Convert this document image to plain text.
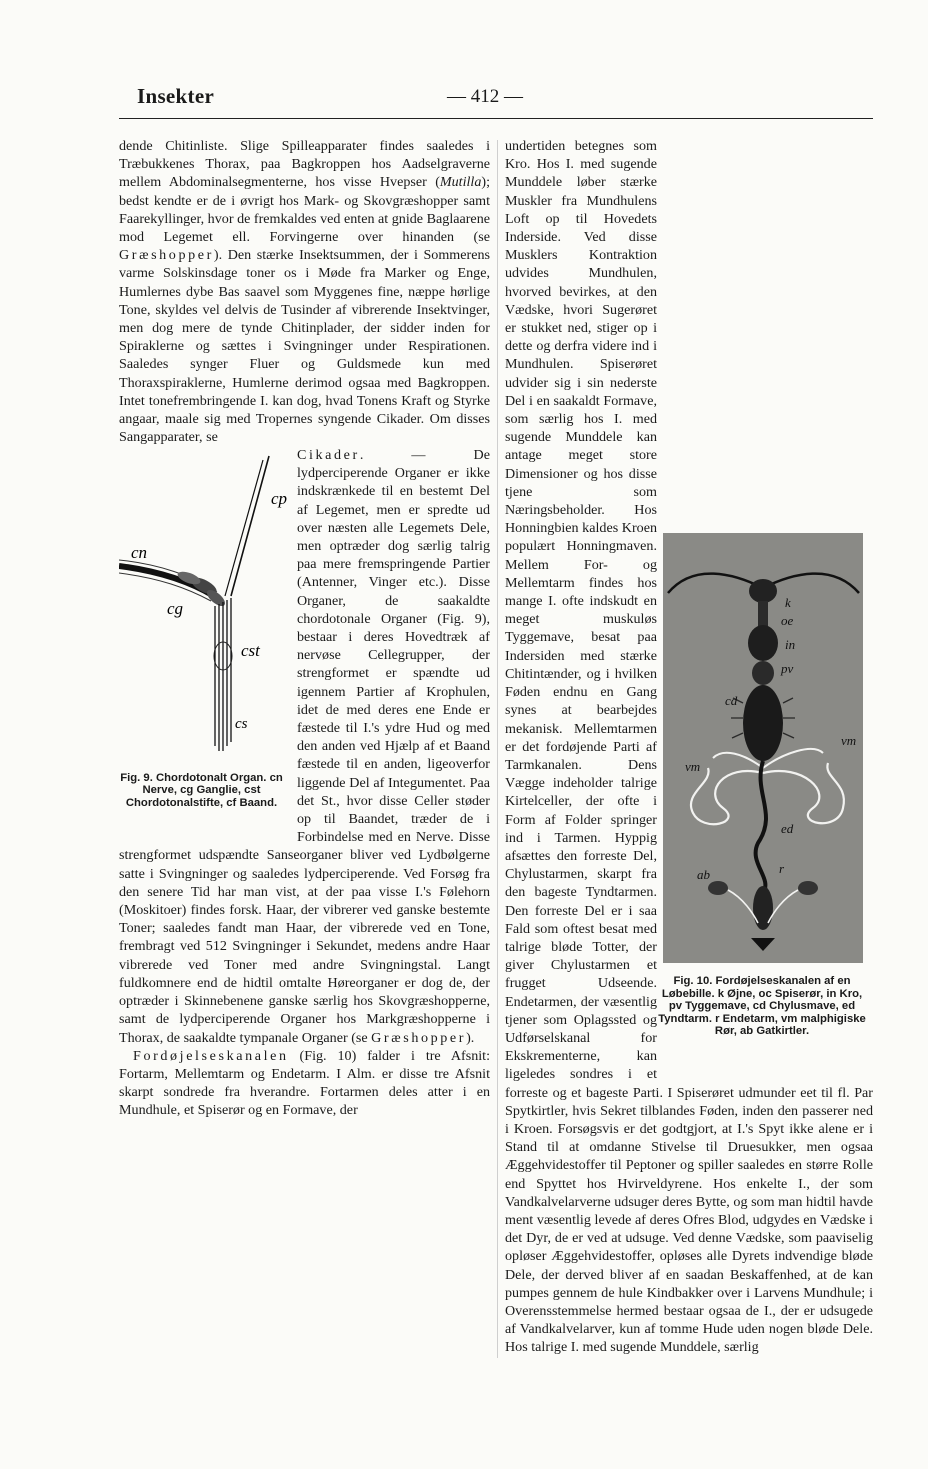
Insekter	— 412 —

dende Chitinliste. Slige Spilleapparater findes saaledes i Træbukkenes Thorax, paa Bagkroppen hos Aadselgraverne mellem Abdominalsegmenterne, hos visse Hvepser (Mutilla); bedst kendte er de i øvrigt hos Mark- og Skovgræshopper samt Faarekyllinger, hvor de fremkaldes ved enten at gnide Baglaarene mod Legemet ell. Forvingerne over hinanden (se Græshopper). Den stærke Insektsummen, der i Sommerens varme Solskinsdage toner os i Møde fra Marker og Enge, Humlernes dybe Bas saavel som Myggenes fine, næppe hørlige Tone, skyldes vel delvis de Tusinder af vibrerende Insektvinger, men dog mere de tynde Chitinplader, der sidder inden for Spiraklerne og sættes i Svingninger under Respirationen. Saaledes synger Fluer og Guldsmede kun med Thoraxspiraklerne, Humlerne derimod ogsaa med Bagkroppen. Intet tonefrembringende I. kan dog, hvad Tonens Kraft og Styrke angaar, maale sig med Tropernes syngende Cikader. Om disses Sangapparater, se

cp
cn
cg
cst
cs
Fig. 9. Chordotonalt Organ. cn Nerve, cg Ganglie, cst Chordotonalstifte, cf Baand.

Cikader. — De lydperciperende Organer er ikke indskrænkede til en bestemt Del af Legemet, men er spredte ud over næsten alle Legemets Dele, men optræder dog særlig talrig paa mere fremspringende Partier (Antenner, Vinger etc.). Disse Organer, de saakaldte chordotonale Organer (Fig. 9), bestaar i deres Hovedtræk af nervøse Cellegrupper, der strengformet er spændte ud igennem Partier af Krophulen, idet de med deres ene Ende er fæstede til I.'s ydre Hud og med den anden ved Hjælp af et Baand fæstede til en anden, ligeoverfor liggende Del af Integumentet. Paa det St., hvor disse Celler støder op til Baandet, træder de i Forbindelse med en Nerve. Disse strengformet udspændte Sanseorganer bliver ved Lydbølgerne satte i Svingninger og saaledes lydperciperende. Ved Forsøg fra den senere Tid har man vist, at der paa visse I.'s Følehorn (Moskitoer) findes forsk. Haar, der vibrerer ved ganske bestemte Toner; saaledes fandt man Haar, der vibrerede ved en Tone, frembragt ved 512 Svingninger i Sekundet, medens andre Haar vibrerede ved Toner med andre Svingningstal. Langt fuldkomnere end de hidtil omtalte Høreorganer er dog de, der optræder i Skinnebenene ganske særlig hos Skovgræshopperne, samt de lydperciperende Organer hos Markgræshopperne i Thorax, de saakaldte tympanale Organer (se Græshopper).

Fordøjelseskanalen (Fig. 10) falder i tre Afsnit: Fortarm, Mellemtarm og Endetarm. I Alm. er disse tre Afsnit skarpt sondrede fra hverandre. Fortarmen deles atter i en Mundhule, et Spiserør og en Formave, der

k
oe
in
pv
cd
vm
vm
ed
ab	r
Fig. 10. Fordøjelseskanalen af en Løbebille. k Øjne, oc Spiserør, in Kro, pv Tyggemave, cd Chylusmave, ed Tyndtarm. r Endetarm, vm malphigiske Rør, ab Gatkirtler.

undertiden betegnes som Kro. Hos I. med sugende Munddele løber stærke Muskler fra Mundhulens Loft op til Hovedets Inderside. Ved disse Musklers Kontraktion udvides Mundhulen, hvorved bevirkes, at den Vædske, hvori Sugerøret er stukket ned, stiger op i dette og derfra videre ind i Mundhulen. Spiserøret udvider sig i sin nederste Del i en saakaldt Formave, som særlig hos I. med sugende Munddele kan antage meget store Dimensioner og hos disse tjene som Næringsbeholder. Hos Honningbien kaldes Kroen populært Honningmaven. Mellem For- og Mellemtarm findes hos mange I. ofte indskudt en meget muskuløs Tyggemave, besat paa Indersiden med stærke Chitintænder, og i hvilken Føden endnu en Gang synes at bearbejdes mekanisk. Mellemtarmen er det fordøjende Parti af Tarmkanalen. Dens Vægge indeholder talrige Kirtelceller, der ofte i Form af Folder springer ind i Tarmen. Hyppig afsættes den forreste Del, Chylustarmen, skarpt fra den bageste Tyndtarmen. Den forreste Del er i saa Fald som oftest besat med talrige bløde Totter, der giver Chylustarmen et frugget Udseende. Endetarmen, der væsentlig tjener som Oplagssted og Udførselskanal for Ekskrementerne, kan ligeledes sondres i et forreste og et bageste Parti. I Spiserøret udmunder eet til fl. Par Spytkirtler, hvis Sekret tilblandes Føden, inden den passerer ned i Kroen. Forsøgsvis er det godtgjort, at I.'s Spyt ikke alene er i Stand til at omdanne Stivelse til Druesukker, men ogsaa Æggehvidestoffer til Peptoner og spiller saaledes en større Rolle end Spyttet hos Hvirveldyrene. Hos enkelte I., der som Vandkalvelarverne udsuger deres Bytte, og som man hidtil havde ment væsentlig levede af deres Ofres Blod, udgydes en Vædske i det Dyr, de er ved at udsuge. Ved denne Vædske, som paaviselig opløser Æggehvidestoffer, opløses alle Dyrets indvendige bløde Dele, der derved bliver af en saadan Beskaffenhed, at de kan pumpes gennem de hule Kindbakker over i Larvens Mundhule; i Overensstemmelse hermed bestaar ogsaa de I., der er udsugede af Vandkalvelarver, kun af tomme Hude uden nogen bløde Dele. Hos talrige I. med sugende Munddele, særlig
